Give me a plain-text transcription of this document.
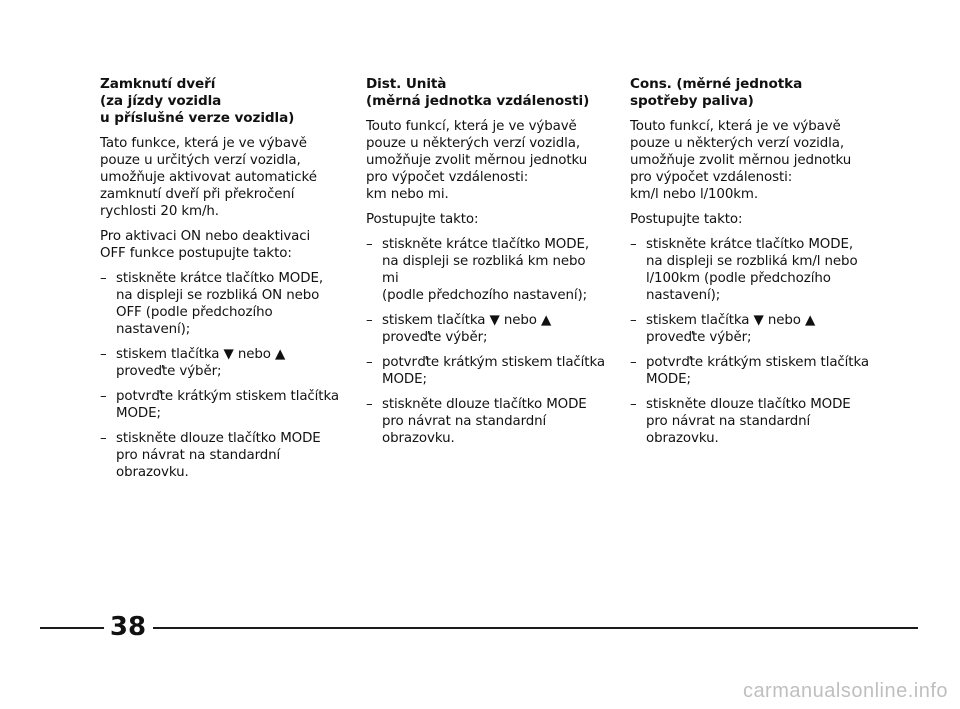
Zamknutí dveří
(za jízdy vozidla
u příslušné verze vozidla)
Tato funkce, která je ve výbavě
pouze u určitých verzí vozidla,
umožňuje aktivovat automatické
zamknutí dveří při překročení
rychlosti 20 km/h.
Pro aktivaci ON nebo deaktivaci
OFF funkce postupujte takto:
– stiskněte krátce tlačítko MODE,
na displeji se rozbliká ON nebo
OFF (podle předchozího
nastavení);
– stiskem tlačítka ▼ nebo ▲
proveďte výběr;
– potvrďte krátkým stiskem tlačítka
MODE;
– stiskněte dlouze tlačítko MODE
pro návrat na standardní
obrazovku.
Dist. Unità
(měrná jednotka vzdálenosti)
Touto funkcí, která je ve výbavě
pouze u některých verzí vozidla,
umožňuje zvolit měrnou jednotku
pro výpočet vzdálenosti:
km nebo mi.
Postupujte takto:
– stiskněte krátce tlačítko MODE,
na displeji se rozbliká km nebo mi
(podle předchozího nastavení);
– stiskem tlačítka ▼ nebo ▲
proveďte výběr;
– potvrďte krátkým stiskem tlačítka
MODE;
– stiskněte dlouze tlačítko MODE
pro návrat na standardní
obrazovku.
Cons. (měrné jednotka
spotřeby paliva)
Touto funkcí, která je ve výbavě
pouze u některých verzí vozidla,
umožňuje zvolit měrnou jednotku
pro výpočet vzdálenosti:
km/l nebo l/100km.
Postupujte takto:
– stiskněte krátce tlačítko MODE,
na displeji se rozbliká km/l nebo
l/100km (podle předchozího
nastavení);
– stiskem tlačítka ▼ nebo ▲
proveďte výběr;
– potvrďte krátkým stiskem tlačítka
MODE;
– stiskněte dlouze tlačítko MODE
pro návrat na standardní
obrazovku.
38
carmanualsonline.info
